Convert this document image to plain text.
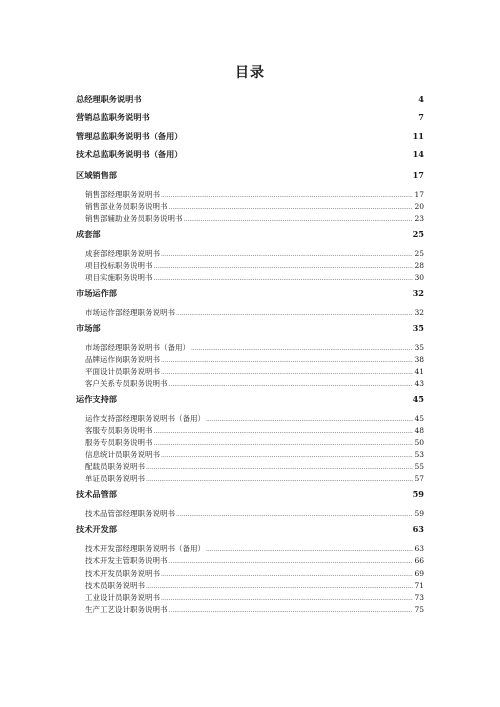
目录
总经理职务说明书	4
营销总监职务说明书	7
管理总监职务说明书（备用）	11
技术总监职务说明书（备用）	14
区域销售部	17
销售部经理职务说明书 .....	17
销售部业务员职务说明书 .....	20
销售部辅助业务员职务说明书 .....	23
成套部	25
成套部经理职务说明书 .....	25
项目投标职务说明书 .....	28
项目实施职务说明书 .....	30
市场运作部	32
市场运作部经理职务说明书 .....	32
市场部	35
市场部经理职务说明书（备用） .....	35
品牌运作岗职务说明书 .....	38
平面设计员职务说明书 .....	41
客户关系专员职务说明书 .....	43
运作支持部	45
运作支持部经理职务说明书（备用） .....	45
客服专员职务说明书 .....	48
服务专员职务说明书 .....	50
信息统计员职务说明书 .....	53
配载员职务说明书 .....	55
单证员职务说明书 .....	57
技术品管部	59
技术品管部经理职务说明书 .....	59
技术开发部	63
技术开发部经理职务说明书（备用） .....	63
技术开发主管职务说明书 .....	66
技术开发员职务说明书 .....	69
技术员职务说明书 .....	71
工业设计员职务说明书 .....	73
生产工艺设计职务说明书 .....	75
